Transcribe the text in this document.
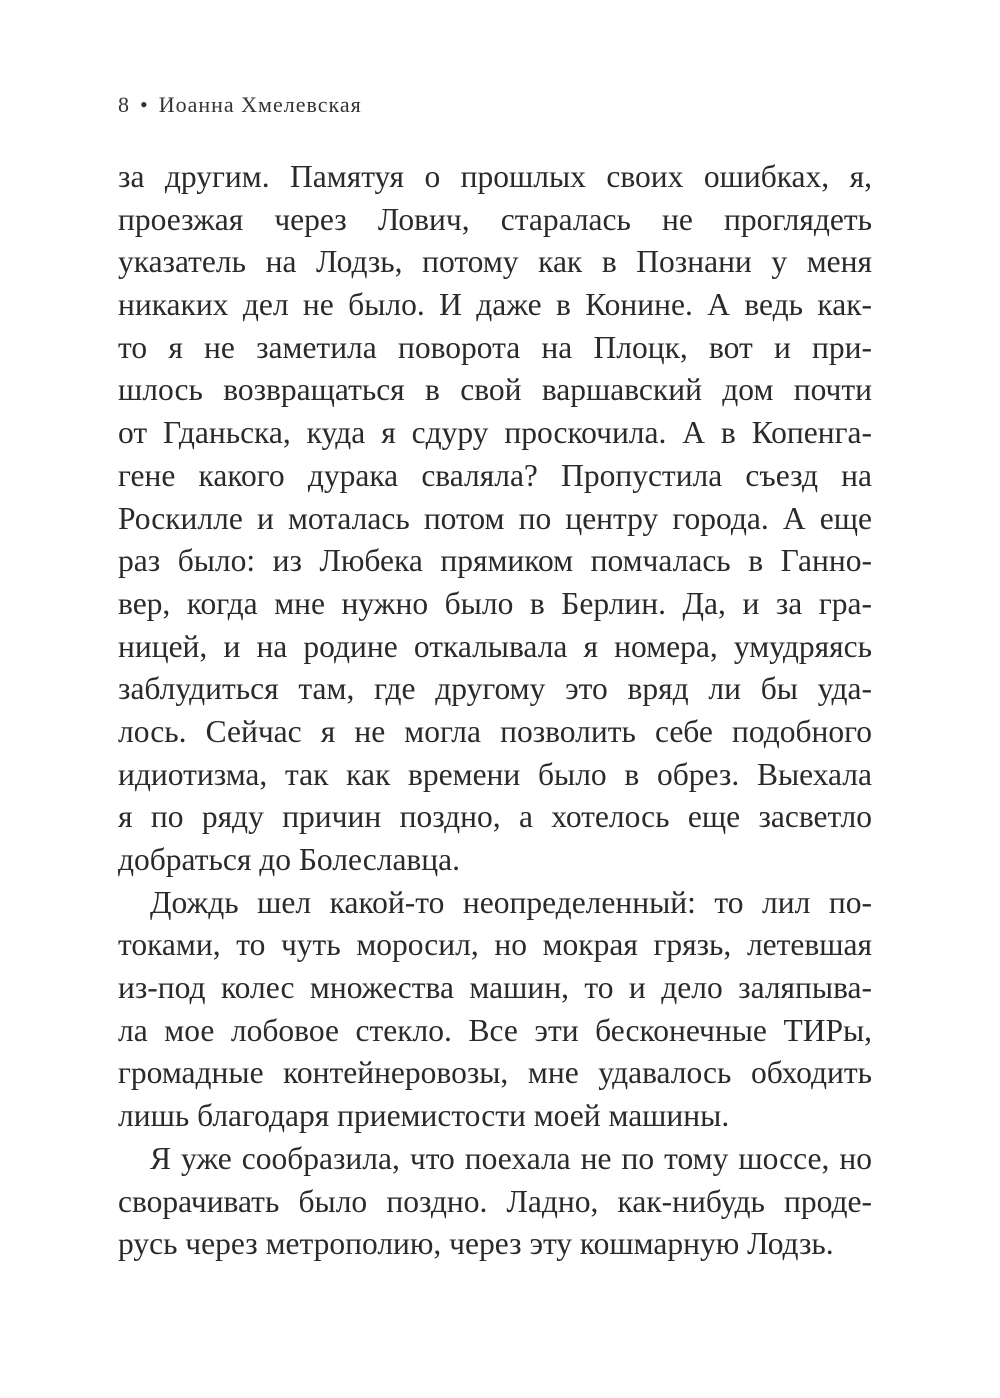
8 • Иоанна Хмелевская
за другим. Памятуя о прошлых своих ошибках, я,
проезжая через Лович, старалась не проглядеть
указатель на Лодзь, потому как в Познани у меня
никаких дел не было. И даже в Конине. А ведь как-
то я не заметила поворота на Плоцк, вот и при-
шлось возвращаться в свой варшавский дом почти
от Гданьска, куда я сдуру проскочила. А в Копенга-
гене какого дурака сваляла? Пропустила съезд на
Роскилле и моталась потом по центру города. А еще
раз было: из Любека прямиком помчалась в Ганно-
вер, когда мне нужно было в Берлин. Да, и за гра-
ницей, и на родине откалывала я номера, умудряясь
заблудиться там, где другому это вряд ли бы уда-
лось. Сейчас я не могла позволить себе подобного
идиотизма, так как времени было в обрез. Выехала
я по ряду причин поздно, а хотелось еще засветло
добраться до Болеславца.
Дождь шел какой-то неопределенный: то лил по-
токами, то чуть моросил, но мокрая грязь, летевшая
из-под колес множества машин, то и дело заляпыва-
ла мое лобовое стекло. Все эти бесконечные ТИРы,
громадные контейнеровозы, мне удавалось обходить
лишь благодаря приемистости моей машины.
Я уже сообразила, что поехала не по тому шоссе, но
сворачивать было поздно. Ладно, как-нибудь проде-
русь через метрополию, через эту кошмарную Лодзь.
